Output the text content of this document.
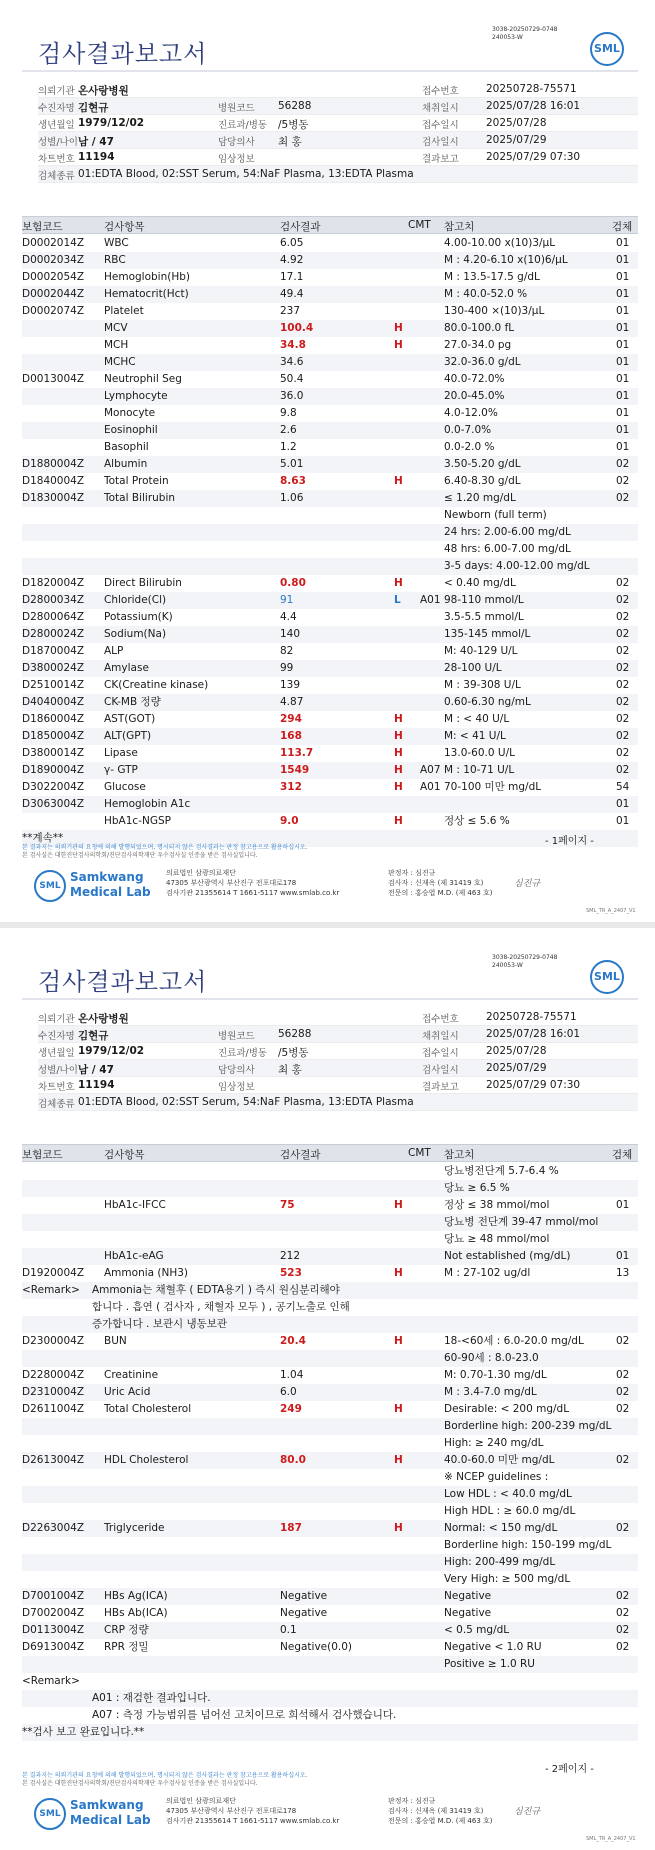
3038-20250729-0748
240053-W
검사결과보고서	SML
의뢰기관 온사랑병원	접수번호	20250728-75571
수진자명 김현규	병원코드 56288	채취일시	2025/07/28 16:01
생년월일 1979/12/02	진료과/병동 /5병동	접수일시	2025/07/28
성별/나이 남 / 47	담당의사 최 홍	검사일시	2025/07/29
차트번호 11194	임상정보	결과보고	2025/07/29 07:30
검체종류 01:EDTA Blood, 02:SST Serum, 54:NaF Plasma, 13:EDTA Plasma
보험코드	검사항목	검사결과	CMT 참고치	검체
D0002014Z WBC	6.05	4.00-10.00 x(10)3/μL	01
D0002034Z RBC	4.92	M : 4.20-6.10 x(10)6/μL	01
D0002054Z Hemoglobin(Hb)	17.1	M : 13.5-17.5 g/dL	01
D0002044Z Hematocrit(Hct)	49.4	M : 40.0-52.0 %	01
D0002074Z Platelet	237	130-400 ×(10)3/μL	01
MCV	100.4	H	80.0-100.0 fL	01
MCH	34.8	H	27.0-34.0 pg	01
MCHC	34.6	32.0-36.0 g/dL	01
D0013004Z Neutrophil Seg	50.4	40.0-72.0%	01
Lymphocyte	36.0	20.0-45.0%	01
Monocyte	9.8	4.0-12.0%	01
Eosinophil	2.6	0.0-7.0%	01
Basophil	1.2	0.0-2.0 %	01
D1880004Z Albumin	5.01	3.50-5.20 g/dL	02
D1840004Z Total Protein	8.63	H	6.40-8.30 g/dL	02
D1830004Z Total Bilirubin	1.06	≤ 1.20 mg/dL	02
Newborn (full term)
24 hrs: 2.00-6.00 mg/dL
48 hrs: 6.00-7.00 mg/dL
3-5 days: 4.00-12.00 mg/dL
D1820004Z Direct Bilirubin	0.80	H	< 0.40 mg/dL	02
D2800034Z Chloride(Cl)	91	L A01 98-110 mmol/L	02
D2800064Z Potassium(K)	4.4	3.5-5.5 mmol/L	02
D2800024Z Sodium(Na)	140	135-145 mmol/L	02
D1870004Z ALP	82	M: 40-129 U/L	02
D3800024Z Amylase	99	28-100 U/L	02
D2510014Z CK(Creatine kinase)	139	M : 39-308 U/L	02
D4040004Z CK-MB 정량	4.87	0.60-6.30 ng/mL	02
D1860004Z AST(GOT)	294	H	M : < 40 U/L	02
D1850004Z ALT(GPT)	168	H	M: < 41 U/L	02
D3800014Z Lipase	113.7	H	13.0-60.0 U/L	02
D1890004Z γ- GTP	1549	H A07 M : 10-71 U/L	02
D3022004Z Glucose	312	H A01 70-100 미만 mg/dL	54
D3063004Z Hemoglobin A1c	01
HbA1c-NGSP	9.0	H	정상 ≤ 5.6 %	01
**계속**
본 결과지는 의뢰기관의 요청에 의해 발행되었으며, 명시되지 않은 검사결과는 판정 참고용으로 활용하십시오.
본 검사실은 대한진단검사의학회/진단검사의학재단 우수검사실 인증을 받은 검사실입니다.
- 1페이지 -
SML
Samkwang
Medical Lab
의료법인 삼광의료재단
47305 부산광역시 부산진구 전포대로178
검사기관 21355614 T 1661-5117 www.smlab.co.kr
판정자 : 심진규
검사자 : 신재옥 (제 31419 호)
전문의 : 홍승엽 M.D. (제 463 호)
심진규
SML_TR_A_2407_V1
3038-20250729-0748
240053-W
검사결과보고서	SML
의뢰기관 온사랑병원	접수번호	20250728-75571
수진자명 김현규	병원코드 56288	채취일시	2025/07/28 16:01
생년월일 1979/12/02	진료과/병동 /5병동	접수일시	2025/07/28
성별/나이 남 / 47	담당의사 최 홍	검사일시	2025/07/29
차트번호 11194	임상정보	결과보고	2025/07/29 07:30
검체종류 01:EDTA Blood, 02:SST Serum, 54:NaF Plasma, 13:EDTA Plasma
보험코드	검사항목	검사결과	CMT 참고치	검체
당뇨병전단계 5.7-6.4 %
당뇨 ≥ 6.5 %
HbA1c-IFCC	75	H	정상 ≤ 38 mmol/mol	01
당뇨병 전단계 39-47 mmol/mol
당뇨 ≥ 48 mmol/mol
HbA1c-eAG	212	Not established (mg/dL)	01
D1920004Z Ammonia (NH3)	523	H	M : 27-102 ug/dl	13
<Remark> Ammonia는 채혈후 ( EDTA용기 ) 즉시 원심분리해야
합니다 . 흡연 ( 검사자 , 채혈자 모두 ) , 공기노출로 인해
증가합니다 . 보관시 냉동보관
D2300004Z BUN	20.4	H	18-<60세 : 6.0-20.0 mg/dL	02
60-90세 : 8.0-23.0
D2280004Z Creatinine	1.04	M: 0.70-1.30 mg/dL	02
D2310004Z Uric Acid	6.0	M : 3.4-7.0 mg/dL	02
D2611004Z Total Cholesterol	249	H	Desirable: < 200 mg/dL	02
Borderline high: 200-239 mg/dL
High: ≥ 240 mg/dL
D2613004Z HDL Cholesterol	80.0	H	40.0-60.0 미만 mg/dL	02
※ NCEP guidelines :
Low HDL : < 40.0 mg/dL
High HDL : ≥ 60.0 mg/dL
D2263004Z Triglyceride	187	H	Normal: < 150 mg/dL	02
Borderline high: 150-199 mg/dL
High: 200-499 mg/dL
Very High: ≥ 500 mg/dL
D7001004Z HBs Ag(ICA)	Negative	Negative	02
D7002004Z HBs Ab(ICA)	Negative	Negative	02
D0113004Z CRP 정량	0.1	< 0.5 mg/dL	02
D6913004Z RPR 정밀	Negative(0.0)	Negative < 1.0 RU	02
Positive ≥ 1.0 RU
<Remark>
A01 : 재검한 결과입니다.
A07 : 측정 가능범위를 넘어선 고치이므로 희석해서 검사했습니다.
**검사 보고 완료입니다.**
본 결과지는 의뢰기관의 요청에 의해 발행되었으며, 명시되지 않은 검사결과는 판정 참고용으로 활용하십시오.
본 검사실은 대한진단검사의학회/진단검사의학재단 우수검사실 인증을 받은 검사실입니다.
- 2페이지 -
SML
Samkwang
Medical Lab
의료법인 삼광의료재단
47305 부산광역시 부산진구 전포대로178
검사기관 21355614 T 1661-5117 www.smlab.co.kr
판정자 : 심진규
검사자 : 신재옥 (제 31419 호)
전문의 : 홍승엽 M.D. (제 463 호)
심진규
SML_TR_A_2407_V1
